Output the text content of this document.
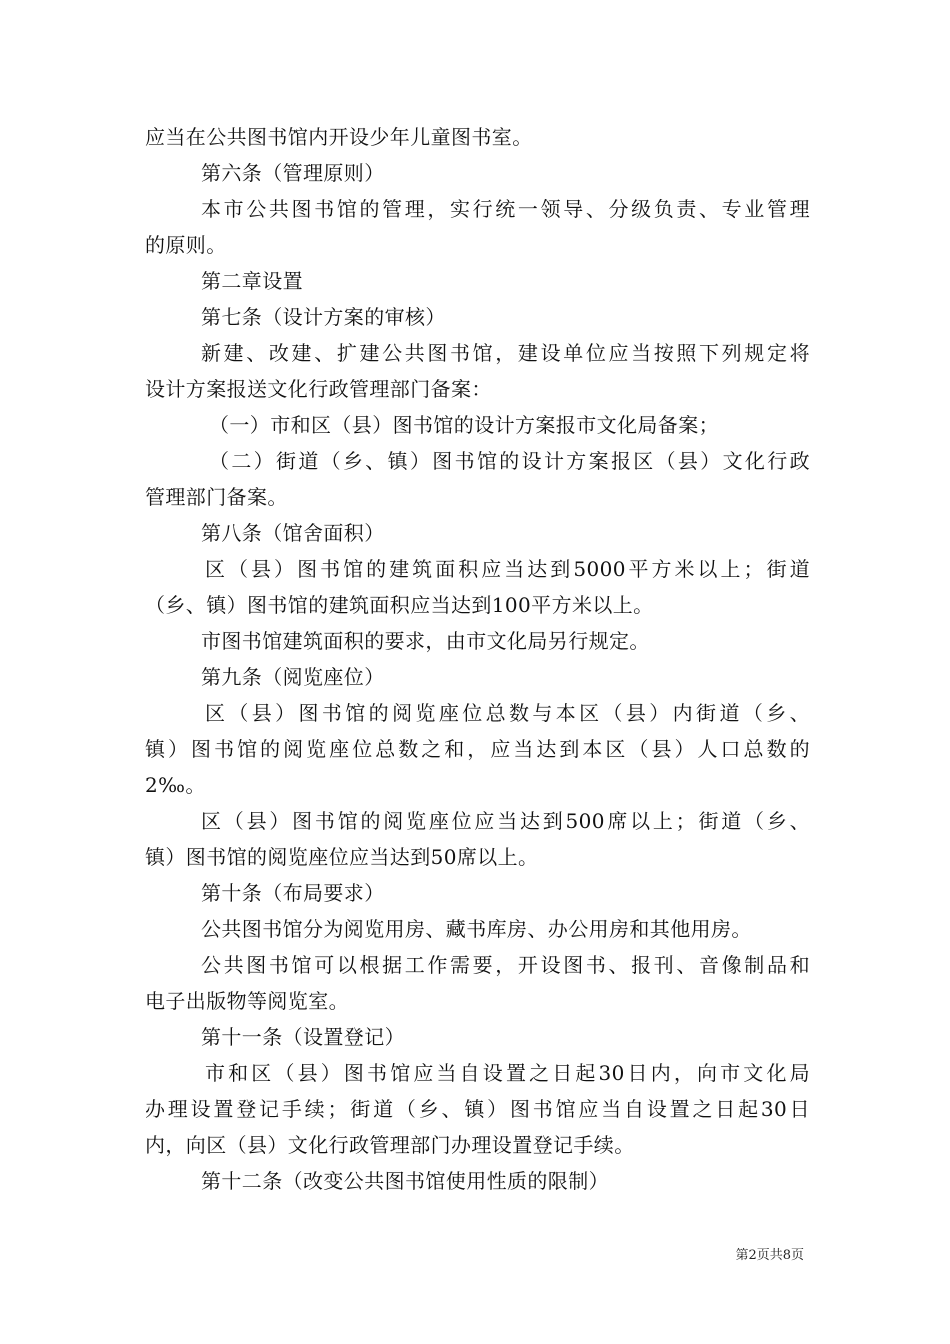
应当在公共图书馆内开设少年儿童图书室。
第六条（管理原则）
本市公共图书馆的管理，实行统一领导、分级负责、专业管理
的原则。
第二章设置
第七条（设计方案的审核）
新建、改建、扩建公共图书馆，建设单位应当按照下列规定将
设计方案报送文化行政管理部门备案：
（一）市和区（县）图书馆的设计方案报市文化局备案；
（二）街道（乡、镇）图书馆的设计方案报区（县）文化行政
管理部门备案。
第八条（馆舍面积）
区（县）图书馆的建筑面积应当达到5000平方米以上；街道
（乡、镇）图书馆的建筑面积应当达到100平方米以上。
市图书馆建筑面积的要求，由市文化局另行规定。
第九条（阅览座位）
区（县）图书馆的阅览座位总数与本区（县）内街道（乡、
镇）图书馆的阅览座位总数之和，应当达到本区（县）人口总数的
2‰。
区（县）图书馆的阅览座位应当达到500席以上；街道（乡、
镇）图书馆的阅览座位应当达到50席以上。
第十条（布局要求）
公共图书馆分为阅览用房、藏书库房、办公用房和其他用房。
公共图书馆可以根据工作需要，开设图书、报刊、音像制品和
电子出版物等阅览室。
第十一条（设置登记）
市和区（县）图书馆应当自设置之日起30日内，向市文化局
办理设置登记手续；街道（乡、镇）图书馆应当自设置之日起30日
内，向区（县）文化行政管理部门办理设置登记手续。
第十二条（改变公共图书馆使用性质的限制）
第2页共8页
